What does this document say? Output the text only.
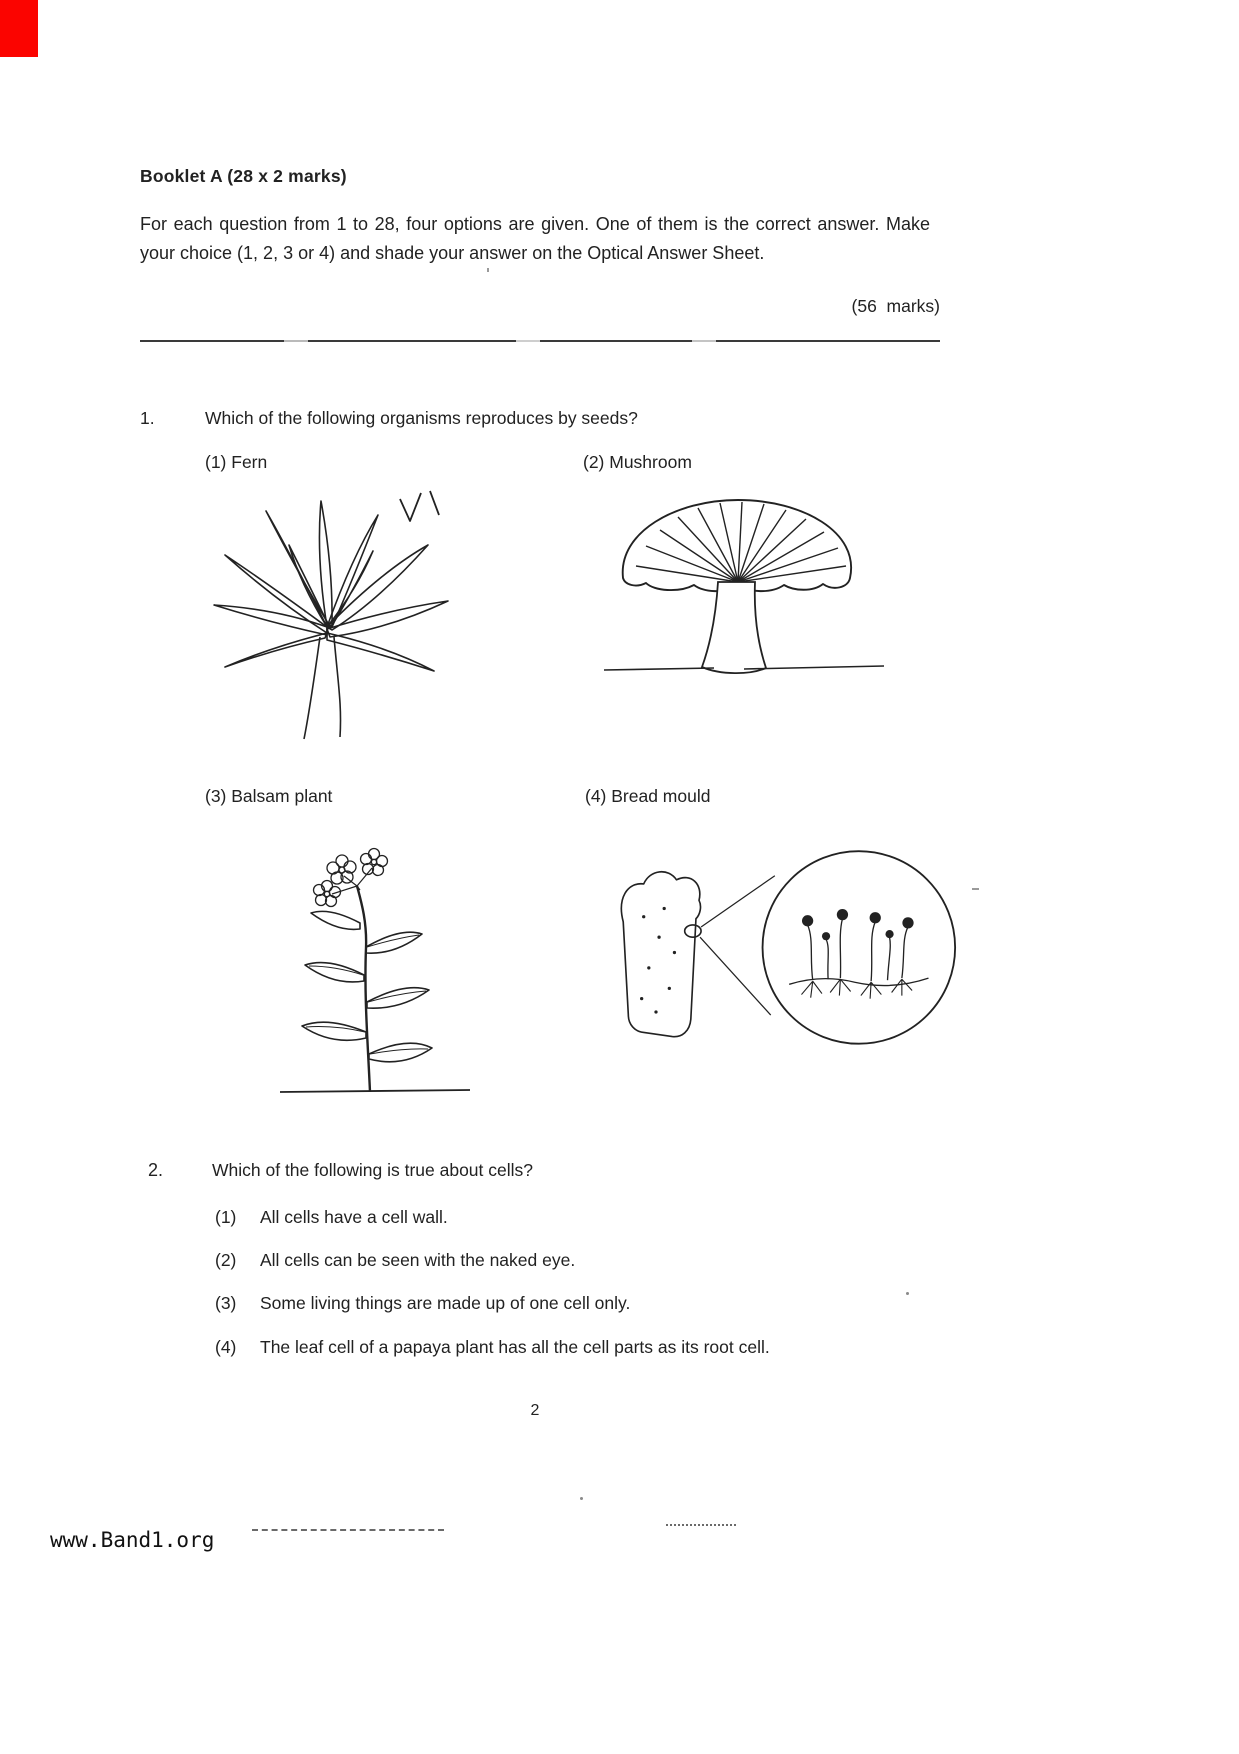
Booklet A (28 x 2 marks)
For each question from 1 to 28, four options are given. One of them is the correct answer. Make your choice (1, 2, 3 or 4) and shade your answer on the Optical Answer Sheet.
(56  marks)
1.	Which of the following organisms reproduces by seeds?
(1) Fern	(2) Mushroom
(3) Balsam plant	(4) Bread mould
2.	Which of the following is true about cells?
(1) All cells have a cell wall.
(2) All cells can be seen with the naked eye.
(3) Some living things are made up of one cell only.
(4) The leaf cell of a papaya plant has all the cell parts as its root cell.
2
www.Band1.org
